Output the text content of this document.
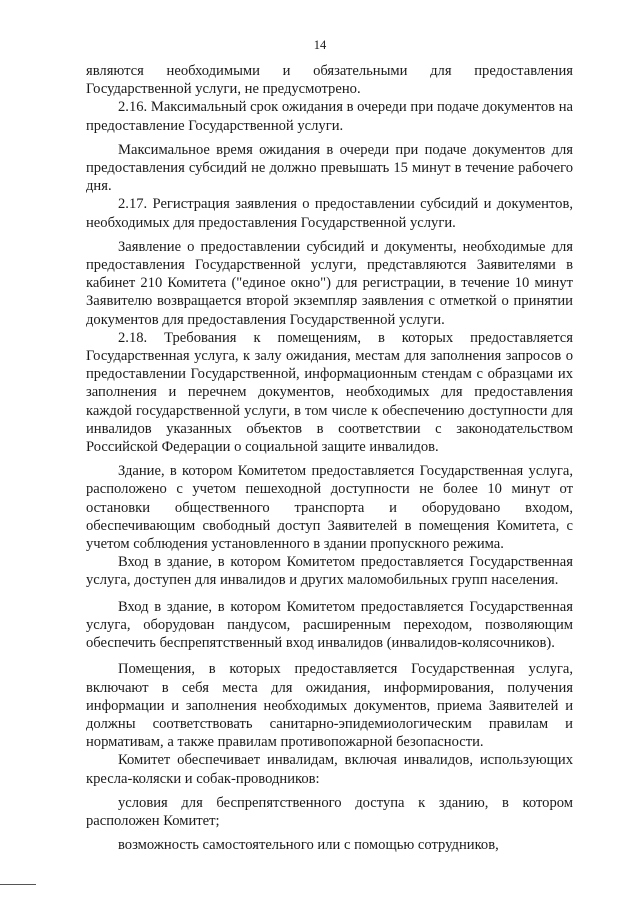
14

являются необходимыми и обязательными для предоставления Государственной услуги, не предусмотрено.

2.16. Максимальный срок ожидания в очереди при подаче документов на предоставление Государственной услуги.

Максимальное время ожидания в очереди при подаче документов для предоставления субсидий не должно превышать 15 минут в течение рабочего дня.

2.17. Регистрация заявления о предоставлении субсидий и документов, необходимых для предоставления Государственной услуги.

Заявление о предоставлении субсидий и документы, необходимые для предоставления Государственной услуги, представляются Заявителями в кабинет 210 Комитета ("единое окно") для регистрации, в течение 10 минут Заявителю возвращается второй экземпляр заявления с отметкой о принятии документов для предоставления Государственной услуги.

2.18. Требования к помещениям, в которых предоставляется Государственная услуга, к залу ожидания, местам для заполнения запросов о предоставлении Государственной, информационным стендам с образцами их заполнения и перечнем документов, необходимых для предоставления каждой государственной услуги, в том числе к обеспечению доступности для инвалидов указанных объектов в соответствии с законодательством Российской Федерации о социальной защите инвалидов.

Здание, в котором Комитетом предоставляется Государственная услуга, расположено с учетом пешеходной доступности не более 10 минут от остановки общественного транспорта и оборудовано входом, обеспечивающим свободный доступ Заявителей в помещения Комитета, с учетом соблюдения установленного в здании пропускного режима.

Вход в здание, в котором Комитетом предоставляется Государственная услуга, доступен для инвалидов и других маломобильных групп населения.

Вход в здание, в котором Комитетом предоставляется Государственная услуга, оборудован пандусом, расширенным переходом, позволяющим обеспечить беспрепятственный вход инвалидов (инвалидов-колясочников).

Помещения, в которых предоставляется Государственная услуга, включают в себя места для ожидания, информирования, получения информации и заполнения необходимых документов, приема Заявителей и должны соответствовать санитарно-эпидемиологическим правилам и нормативам, а также правилам противопожарной безопасности.

Комитет обеспечивает инвалидам, включая инвалидов, использующих кресла-коляски и собак-проводников:

условия для беспрепятственного доступа к зданию, в котором расположен Комитет;

возможность самостоятельного или с помощью сотрудников,
